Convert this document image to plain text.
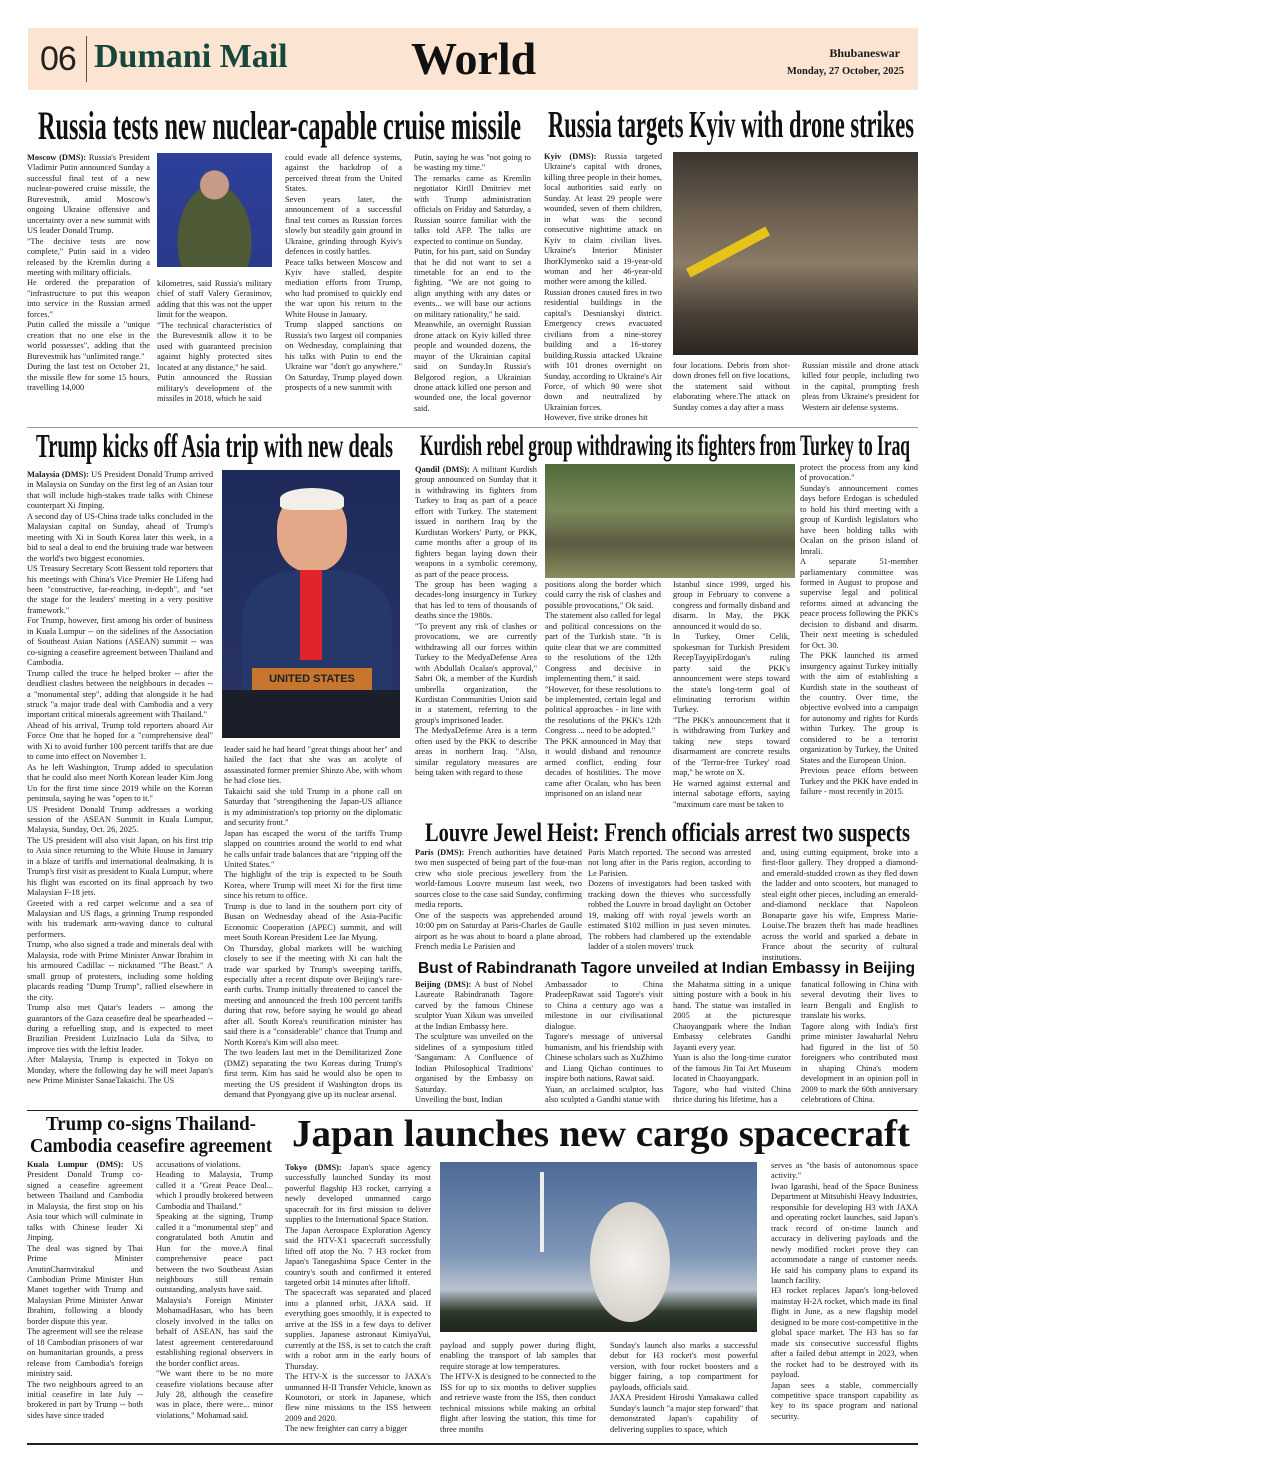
06 Dumani Mail	World	Bhubaneswar
Monday, 27 October, 2025
Russia tests new nuclear-capable cruise missile

Moscow (DMS): Russia's President Vladimir Putin announced Sunday a successful final test of a new nuclear-powered cruise missile, the Burevestnik, amid Moscow's ongoing Ukraine offensive and uncertainty over a new summit with US leader Donald Trump.

"The decisive tests are now complete," Putin said in a video released by the Kremlin during a meeting with military officials.

He ordered the preparation of "infrastructure to put this weapon into service in the Russian armed forces."

Putin called the missile a "unique creation that no one else in the world possesses", adding that the Burevestnik has "unlimited range."

During the last test on October 21, the missile flew for some 15 hours, travelling 14,000

kilometres, said Russia's military chief of staff Valery Gerasimov, adding that this was not the upper limit for the weapon.

"The technical characteristics of the Burevestnik allow it to be used with guaranteed precision against highly protected sites located at any distance," he said.

Putin announced the Russian military's development of the missiles in 2018, which he said

could evade all defence systems, against the backdrop of a perceived threat from the United States.

Seven years later, the announcement of a successful final test comes as Russian forces slowly but steadily gain ground in Ukraine, grinding through Kyiv's defences in costly battles.

Peace talks between Moscow and Kyiv have stalled, despite mediation efforts from Trump, who had promised to quickly end the war upon his return to the White House in January.

Trump slapped sanctions on Russia's two largest oil companies on Wednesday, complaining that his talks with Putin to end the Ukraine war "don't go anywhere." On Saturday, Trump played down prospects of a new summit with

Putin, saying he was "not going to be wasting my time."

The remarks came as Kremlin negotiator Kirill Dmitriev met with Trump administration officials on Friday and Saturday, a Russian source familiar with the talks told AFP. The talks are expected to continue on Sunday.

Putin, for his part, said on Sunday that he did not want to set a timetable for an end to the fighting. "We are not going to align anything with any dates or events... we will base our actions on military rationality," he said.

Meanwhile, an overnight Russian drone attack on Kyiv killed three people and wounded dozens, the mayor of the Ukrainian capital said on Sunday.In Russia's Belgorod region, a Ukrainian drone attack killed one person and wounded one, the local governor said.

Russia targets Kyiv with drone strikes

Kyiv (DMS): Russia targeted Ukraine's capital with drones, killing three people in their homes, local authorities said early on Sunday. At least 29 people were wounded, seven of them children, in what was the second consecutive nighttime attack on Kyiv to claim civilian lives. Ukraine's Interior Minister IhorKlymenko said a 19-year-old woman and her 46-year-old mother were among the killed.

Russian drones caused fires in two residential buildings in the capital's Desnianskyi district. Emergency crews evacuated civilians from a nine-storey building and a 16-storey building.Russia attacked Ukraine with 101 drones overnight on Sunday, according to Ukraine's Air Force, of which 90 were shot down and neutralized by Ukrainian forces.

However, five strike drones hit

four locations. Debris from shot-down drones fell on five locations, the statement said without elaborating where.The attack on Sunday comes a day after a mass

Russian missile and drone attack killed four people, including two in the capital, prompting fresh pleas from Ukraine's president for Western air defense systems.

Trump kicks off Asia trip with new deals

Malaysia (DMS): US President Donald Trump arrived in Malaysia on Sunday on the first leg of an Asian tour that will include high-stakes trade talks with Chinese counterpart Xi Jinping.

A second day of US-China trade talks concluded in the Malaysian capital on Sunday, ahead of Trump's meeting with Xi in South Korea later this week, in a bid to seal a deal to end the bruising trade war between the world's two biggest economies.

US Treasury Secretary Scott Bessent told reporters that his meetings with China's Vice Premier He Lifeng had been "constructive, far-reaching, in-depth", and "set the stage for the leaders' meeting in a very positive framework."

For Trump, however, first among his order of business in Kuala Lumpur -- on the sidelines of the Association of Southeast Asian Nations (ASEAN) summit -- was co-signing a ceasefire agreement between Thailand and Cambodia.

Trump called the truce he helped broker -- after the deadliest clashes between the neighbours in decades -- a "monumental step", adding that alongside it he had struck "a major trade deal with Cambodia and a very important critical minerals agreement with Thailand."

Ahead of his arrival, Trump told reporters aboard Air Force One that he hoped for a "comprehensive deal" with Xi to avoid further 100 percent tariffs that are due to come into effect on November 1.

As he left Washington, Trump added to speculation that he could also meet North Korean leader Kim Jong Un for the first time since 2019 while on the Korean peninsula, saying he was "open to it."

US President Donald Trump addresses a working session of the ASEAN Summit in Kuala Lumpur, Malaysia, Sunday, Oct. 26, 2025.

The US president will also visit Japan, on his first trip to Asia since returning to the White House in January in a blaze of tariffs and international dealmaking. It is Trump's first visit as president to Kuala Lumpur, where his flight was escorted on its final approach by two Malaysian F-18 jets.

Greeted with a red carpet welcome and a sea of Malaysian and US flags, a grinning Trump responded with his trademark arm-waving dance to cultural performers.

Trump, who also signed a trade and minerals deal with Malaysia, rode with Prime Minister Anwar Ibrahim in his armoured Cadillac -- nicknamed "The Beast." A small group of protesters, including some holding placards reading "Dump Trump", rallied elsewhere in the city.

Trump also met Qatar's leaders -- among the guarantors of the Gaza ceasefire deal he spearheaded -- during a refuelling stop, and is expected to meet Brazilian President LuizInacio Lula da Silva, to improve ties with the leftist leader.

After Malaysia, Trump is expected in Tokyo on Monday, where the following day he will meet Japan's new Prime Minister SanaeTakaichi. The US

UNITED STATES

leader said he had heard "great things about her" and hailed the fact that she was an acolyte of assassinated former premier Shinzo Abe, with whom he had close ties.

Takaichi said she told Trump in a phone call on Saturday that "strengthening the Japan-US alliance is my administration's top priority on the diplomatic and security front."

Japan has escaped the worst of the tariffs Trump slapped on countries around the world to end what he calls unfair trade balances that are "ripping off the United States."

The highlight of the trip is expected to be South Korea, where Trump will meet Xi for the first time since his return to office.

Trump is due to land in the southern port city of Busan on Wednesday ahead of the Asia-Pacific Economic Cooperation (APEC) summit, and will meet South Korean President Lee Jae Myung.

On Thursday, global markets will be watching closely to see if the meeting with Xi can halt the trade war sparked by Trump's sweeping tariffs, especially after a recent dispute over Beijing's rare-earth curbs. Trump initially threatened to cancel the meeting and announced the fresh 100 percent tariffs during that row, before saying he would go ahead after all. South Korea's reunification minister has said there is a "considerable" chance that Trump and North Korea's Kim will also meet.

The two leaders last met in the Demilitarized Zone (DMZ) separating the two Koreas during Trump's first term. Kim has said he would also be open to meeting the US president if Washington drops its demand that Pyongyang give up its nuclear arsenal.

Kurdish rebel group withdrawing its fighters from Turkey to Iraq

Qandil (DMS): A militant Kurdish group announced on Sunday that it is withdrawing its fighters from Turkey to Iraq as part of a peace effort with Turkey. The statement issued in northern Iraq by the Kurdistan Workers' Party, or PKK, came months after a group of its fighters began laying down their weapons in a symbolic ceremony, as part of the peace process.

The group has been waging a decades-long insurgency in Turkey that has led to tens of thousands of deaths since the 1980s.

"To prevent any risk of clashes or provocations, we are currently withdrawing all our forces within Turkey to the MedyaDefense Area with Abdullah Ocalan's approval," Sabri Ok, a member of the Kurdish umbrella organization, the Kurdistan Communities Union said in a statement, referring to the group's imprisoned leader.

The MedyaDefense Area is a term often used by the PKK to describe areas in northern Iraq. "Also, similar regulatory measures are being taken with regard to those

positions along the border which could carry the risk of clashes and possible provocations," Ok said.

The statement also called for legal and political concessions on the part of the Turkish state. "It is quite clear that we are committed to the resolutions of the 12th Congress and decisive in implementing them," it said.

"However, for these resolutions to be implemented, certain legal and political approaches - in line with the resolutions of the PKK's 12th Congress ... need to be adopted."

The PKK announced in May that it would disband and renounce armed conflict, ending four decades of hostilities. The move came after Ocalan, who has been imprisoned on an island near

Istanbul since 1999, urged his group in February to convene a congress and formally disband and disarm. In May, the PKK announced it would do so.

In Turkey, Omer Celik, spokesman for Turkish President RecepTayyipErdogan's ruling party said the PKK's announcement were steps toward the state's long-term goal of eliminating terrorism within Turkey.

"The PKK's announcement that it is withdrawing from Turkey and taking new steps toward disarmament are concrete results of the 'Terror-free Turkey' road map," he wrote on X.

He warned against external and internal sabotage efforts, saying "maximum care must be taken to

protect the process from any kind of provocation."

Sunday's announcement comes days before Erdogan is scheduled to hold his third meeting with a group of Kurdish legislators who have been holding talks with Ocalan on the prison island of Imrali.

A separate 51-member parliamentary committee was formed in August to propose and supervise legal and political reforms aimed at advancing the peace process following the PKK's decision to disband and disarm. Their next meeting is scheduled for Oct. 30.

The PKK launched its armed insurgency against Turkey initially with the aim of establishing a Kurdish state in the southeast of the country. Over time, the objective evolved into a campaign for autonomy and rights for Kurds within Turkey. The group is considered to be a terrorist organization by Turkey, the United States and the European Union.

Previous peace efforts between Turkey and the PKK have ended in failure - most recently in 2015.

Louvre Jewel Heist: French officials arrest two suspects

Paris (DMS): French authorities have detained two men suspected of being part of the four-man crew who stole precious jewellery from the world-famous Louvre museum last week, two sources close to the case said Sunday, confirming media reports.

One of the suspects was apprehended around 10:00 pm on Saturday at Paris-Charles de Gaulle airport as he was about to board a plane abroad, French media Le Parisien and

Paris Match reported. The second was arrested not long after in the Paris region, according to Le Parisien.

Dozens of investigators had been tasked with tracking down the thieves who successfully robbed the Louvre in broad daylight on October 19, making off with royal jewels worth an estimated $102 million in just seven minutes. The robbers had clambered up the extendable ladder of a stolen movers' truck

and, using cutting equipment, broke into a first-floor gallery. They dropped a diamond-and emerald-studded crown as they fled down the ladder and onto scooters, but managed to steal eight other pieces, including an emerald-and-diamond necklace that Napoleon Bonaparte gave his wife, Empress Marie-Louise.The brazen theft has made headlines across the world and sparked a debate in France about the security of cultural institutions.

Bust of Rabindranath Tagore unveiled at Indian Embassy in Beijing

Beijing (DMS): A bust of Nobel Laureate Rabindranath Tagore carved by the famous Chinese sculptor Yuan Xikun was unveiled at the Indian Embassy here.

The sculpture was unveiled on the sidelines of a symposium titled 'Sangamam: A Confluence of Indian Philosophical Traditions' organised by the Embassy on Saturday.

Unveiling the bust, Indian

Ambassador to China PradeepRawat said Tagore's visit to China a century ago was a milestone in our civilisational dialogue.

Tagore's message of universal humanism, and his friendship with Chinese scholars such as XuZhimo and Liang Qichao continues to inspire both nations, Rawat said.

Yuan, an acclaimed sculptor, has also sculpted a Gandhi statue with

the Mahatma sitting in a unique sitting posture with a book in his hand. The statue was installed in 2005 at the picturesque Chaoyangpark where the Indian Embassy celebrates Gandhi Jayanti every year.

Yuan is also the long-time curator of the famous Jin Tai Art Museum located in Chaoyangpark.

Tagore, who had visited China thrice during his lifetime, has a

fanatical following in China with several devoting their lives to learn Bengali and English to translate his works.

Tagore along with India's first prime minister Jawaharlal Nehru had figured in the list of 50 foreigners who contributed most in shaping China's modern development in an opinion poll in 2009 to mark the 60th anniversary celebrations of China.

Trump co-signs Thailand-
Cambodia ceasefire agreement

Kuala Lumpur (DMS): US President Donald Trump co-signed a ceasefire agreement between Thailand and Cambodia in Malaysia, the first stop on his Asia tour which will culminate in talks with Chinese leader Xi Jinping.

The deal was signed by Thai Prime Minister AnutinCharnvirakul and Cambodian Prime Minister Hun Manet together with Trump and Malaysian Prime Minister Anwar Ibrahim, following a bloody border dispute this year.

The agreement will see the release of 18 Cambodian prisoners of war on humanitarian grounds, a press release from Cambodia's foreign ministry said.

The two neighbours agreed to an initial ceasefire in late July -- brokered in part by Trump -- both sides have since traded

accusations of violations.

Heading to Malaysia, Trump called it a "Great Peace Deal... which I proudly brokered between Cambodia and Thailand."

Speaking at the signing, Trump called it a "monumental step" and congratulated both Anutin and Hun for the move.A final comprehensive peace pact between the two Southeast Asian neighbours still remain outstanding, analysts have said.

Malaysia's Foreign Minister MohamadHasan, who has been closely involved in the talks on behalf of ASEAN, has said the latest agreement centeredaround establishing regional observers in the border conflict areas.

"We want there to be no more ceasefire violations because after July 28, although the ceasefire was in place, there were... minor violations," Mohamad said.

Japan launches new cargo spacecraft

Tokyo (DMS): Japan's space agency successfully launched Sunday its most powerful flagship H3 rocket, carrying a newly developed unmanned cargo spacecraft for its first mission to deliver supplies to the International Space Station.

The Japan Aerospace Exploration Agency said the HTV-X1 spacecraft successfully lifted off atop the No. 7 H3 rocket from Japan's Tanegashima Space Center in the country's south and confirmed it entered targeted orbit 14 minutes after liftoff.

The spacecraft was separated and placed into a planned orbit, JAXA said. If everything goes smoothly, it is expected to arrive at the ISS in a few days to deliver supplies. Japanese astronaut KimiyaYui, currently at the ISS, is set to catch the craft with a robot arm in the early hours of Thursday.

The HTV-X is the successor to JAXA's unmanned H-II Transfer Vehicle, known as Kounotori, or stork in Japanese, which flew nine missions to the ISS between 2009 and 2020.

The new freighter can carry a bigger

payload and supply power during flight, enabling the transport of lab samples that require storage at low temperatures.

The HTV-X is designed to be connected to the ISS for up to six months to deliver supplies and retrieve waste from the ISS, then conduct technical missions while making an orbital flight after leaving the station, this time for three months

Sunday's launch also marks a successful debut for H3 rocket's most powerful version, with four rocket boosters and a bigger fairing, a top compartment for payloads, officials said.

JAXA President Hiroshi Yamakawa called Sunday's launch "a major step forward" that demonstrated Japan's capability of delivering supplies to space, which

serves as "the basis of autonomous space activity."

Iwao Igarashi, head of the Space Business Department at Mitsubishi Heavy Industries, responsible for developing H3 with JAXA and operating rocket launches, said Japan's track record of on-time launch and accuracy in delivering payloads and the newly modified rocket prove they can accommodate a range of customer needs. He said his company plans to expand its launch facility.

H3 rocket replaces Japan's long-beloved mainstay H-2A rocket, which made its final flight in June, as a new flagship model designed to be more cost-competitive in the global space market. The H3 has so far made six consecutive successful flights after a failed debut attempt in 2023, when the rocket had to be destroyed with its payload.

Japan sees a stable, commercially competitive space transport capability as key to its space program and national security.
